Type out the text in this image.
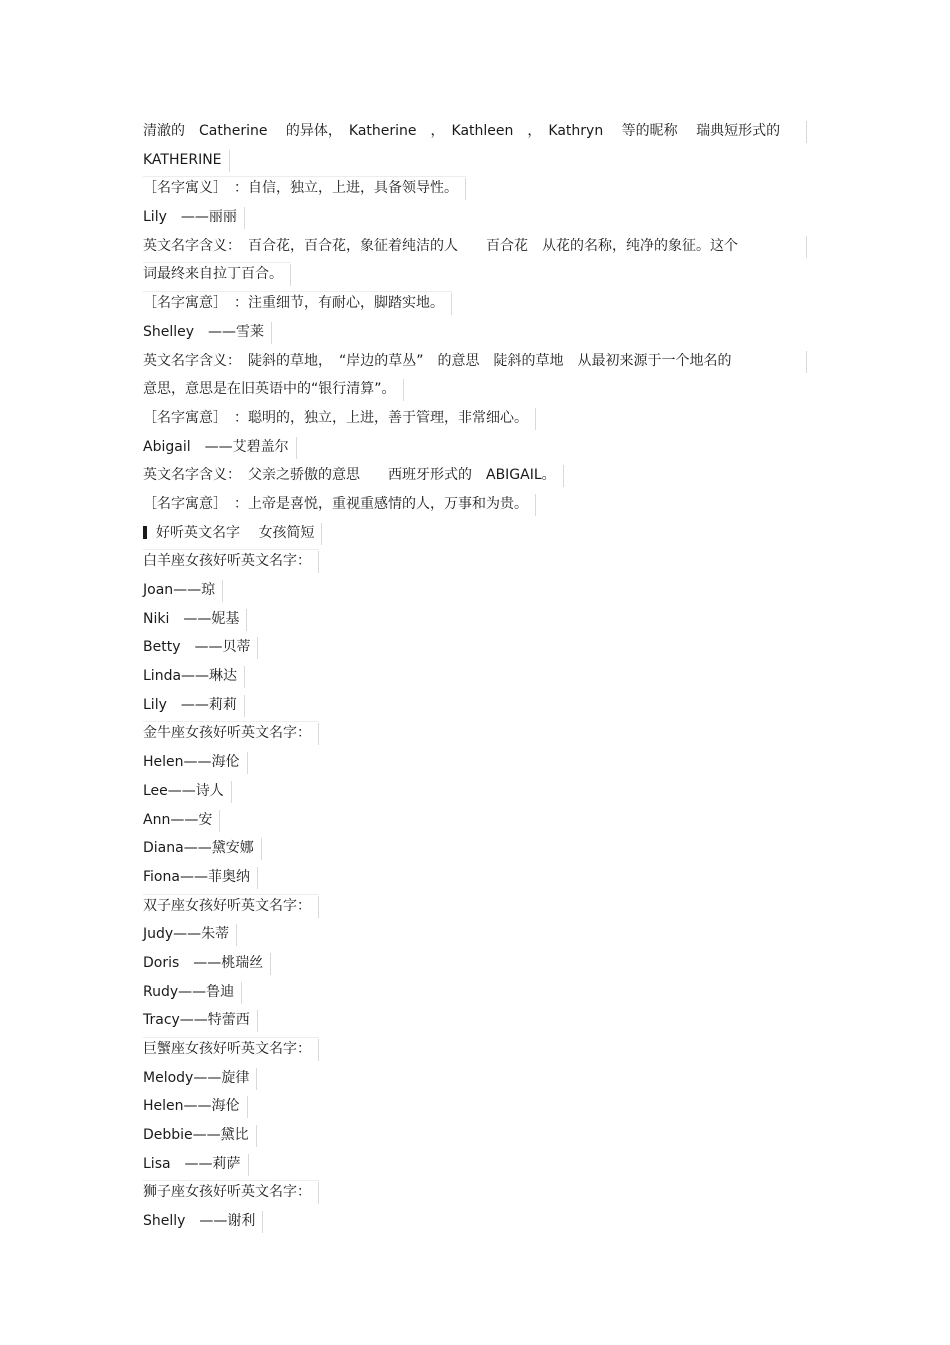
清澈的　Catherine　 的异体，　Katherine　，　Kathleen　，　Kathryn　 等的昵称　 瑞典短形式的
KATHERINE
［名字寓义］　：自信，独立，上进，具备领导性。
Lily　——丽丽
英文名字含义：　百合花，百合花，象征着纯洁的人　　百合花　从花的名称，纯净的象征。这个
词最终来自拉丁百合。
［名字寓意］　：注重细节，有耐心，脚踏实地。
Shelley　——雪莱
英文名字含义：　陡斜的草地，　“岸边的草丛”　的意思　陡斜的草地　从最初来源于一个地名的
意思，意思是在旧英语中的“银行清算”。
［名字寓意］　：聪明的，独立，上进，善于管理，非常细心。
Abigail　——艾碧盖尔
英文名字含义：　父亲之骄傲的意思　　西班牙形式的　ABIGAIL。
［名字寓意］　：上帝是喜悦，重视重感情的人，万事和为贵。
好听英文名字　 女孩简短
白羊座女孩好听英文名字：
Joan——琼
Niki　——妮基
Betty　——贝蒂
Linda——琳达
Lily　——莉莉
金牛座女孩好听英文名字：
Helen——海伦
Lee——诗人
Ann——安
Diana——黛安娜
Fiona——菲奥纳
双子座女孩好听英文名字：
Judy——朱蒂
Doris　——桃瑞丝
Rudy——鲁迪
Tracy——特蕾西
巨蟹座女孩好听英文名字：
Melody——旋律
Helen——海伦
Debbie——黛比
Lisa　——莉萨
狮子座女孩好听英文名字：
Shelly　——谢利
